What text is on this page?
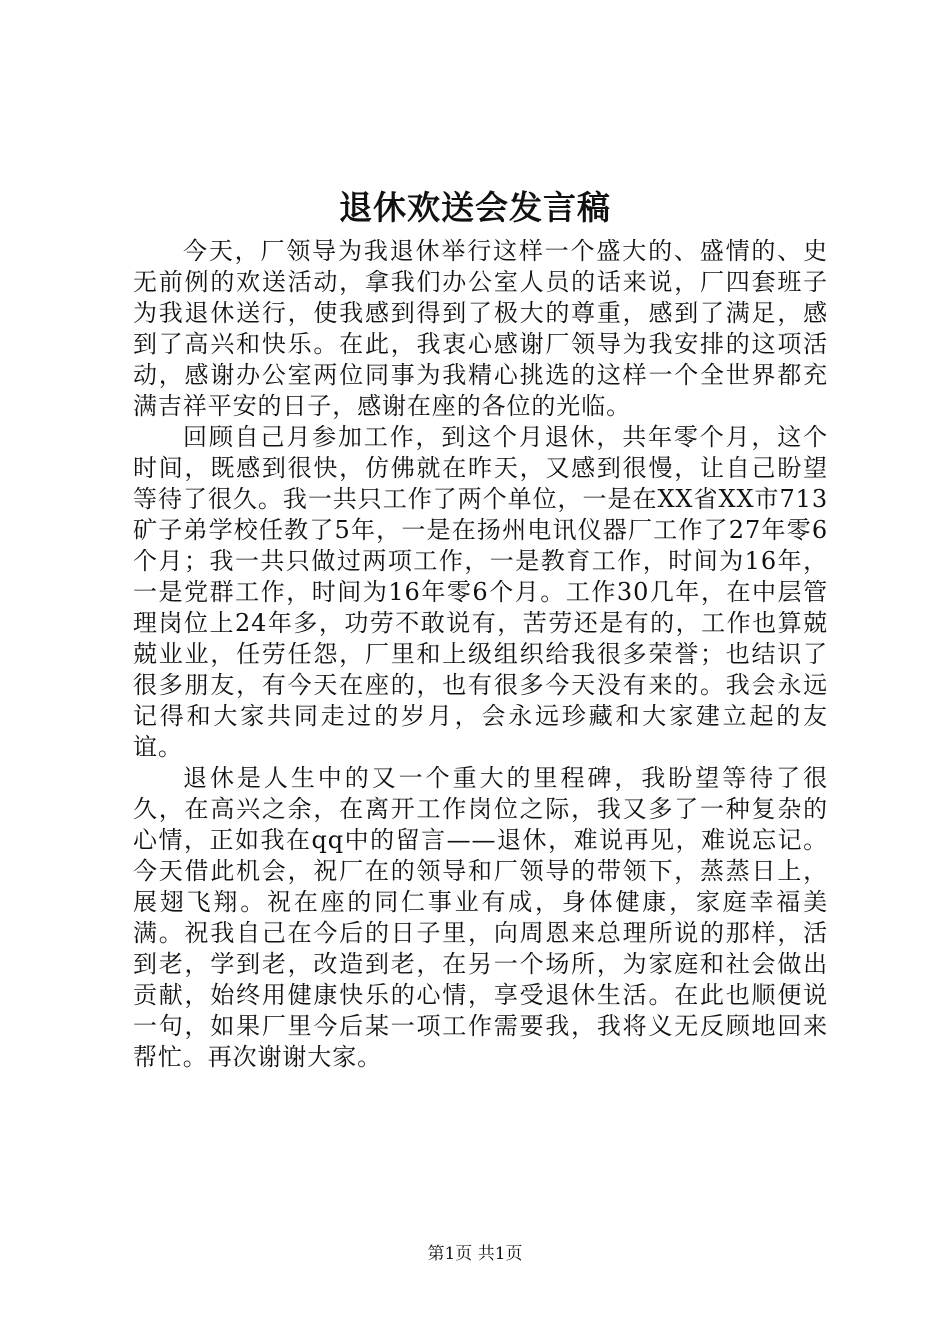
退休欢送会发言稿

今天，厂领导为我退休举行这样一个盛大的、盛情的、史无前例的欢送活动，拿我们办公室人员的话来说，厂四套班子为我退休送行，使我感到得到了极大的尊重，感到了满足，感到了高兴和快乐。在此，我衷心感谢厂领导为我安排的这项活动，感谢办公室两位同事为我精心挑选的这样一个全世界都充满吉祥平安的日子，感谢在座的各位的光临。

回顾自己月参加工作，到这个月退休，共年零个月，这个时间，既感到很快，仿佛就在昨天，又感到很慢，让自己盼望等待了很久。我一共只工作了两个单位，一是在XX省XX市713矿子弟学校任教了5年，一是在扬州电讯仪器厂工作了27年零6个月；我一共只做过两项工作，一是教育工作，时间为16年，一是党群工作，时间为16年零6个月。工作30几年，在中层管理岗位上24年多，功劳不敢说有，苦劳还是有的，工作也算兢兢业业，任劳任怨，厂里和上级组织给我很多荣誉；也结识了很多朋友，有今天在座的，也有很多今天没有来的。我会永远记得和大家共同走过的岁月，会永远珍藏和大家建立起的友谊。

退休是人生中的又一个重大的里程碑，我盼望等待了很久，在高兴之余，在离开工作岗位之际，我又多了一种复杂的心情，正如我在qq中的留言——退休，难说再见，难说忘记。今天借此机会，祝厂在的领导和厂领导的带领下，蒸蒸日上，展翅飞翔。祝在座的同仁事业有成，身体健康，家庭幸福美满。祝我自己在今后的日子里，向周恩来总理所说的那样，活到老，学到老，改造到老，在另一个场所，为家庭和社会做出贡献，始终用健康快乐的心情，享受退休生活。在此也顺便说一句，如果厂里今后某一项工作需要我，我将义无反顾地回来帮忙。再次谢谢大家。

第1页 共1页
